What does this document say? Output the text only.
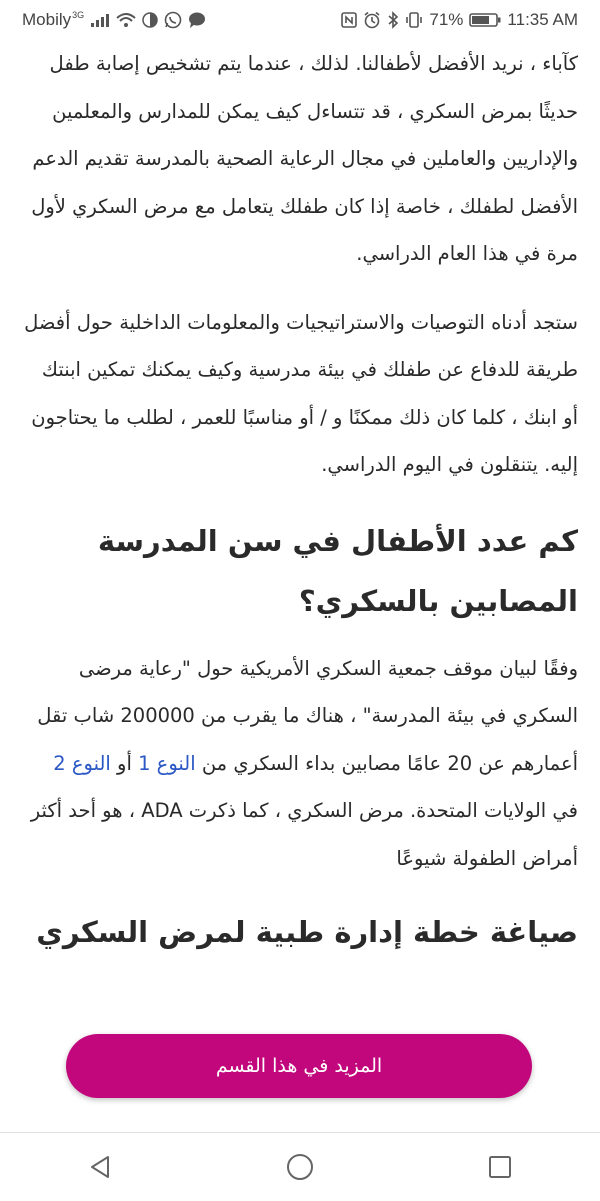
Mobily$^{3G}$	71%	11:35 AM

كآباء ، نريد الأفضل لأطفالنا. لذلك ، عندما يتم تشخيص إصابة طفل حديثًا بمرض السكري ، قد تتساءل كيف يمكن للمدارس والمعلمين والإداريين والعاملين في مجال الرعاية الصحية بالمدرسة تقديم الدعم الأفضل لطفلك ، خاصة إذا كان طفلك يتعامل مع مرض السكري لأول مرة في هذا العام الدراسي.

ستجد أدناه التوصيات والاستراتيجيات والمعلومات الداخلية حول أفضل طريقة للدفاع عن طفلك في بيئة مدرسية وكيف يمكنك تمكين ابنتك أو ابنك ، كلما كان ذلك ممكنًا و / أو مناسبًا للعمر ، لطلب ما يحتاجون إليه. يتنقلون في اليوم الدراسي.

كم عدد الأطفال في سن المدرسة المصابين بالسكري؟

وفقًا لبيان موقف جمعية السكري الأمريكية حول "رعاية مرضى السكري في بيئة المدرسة" ، هناك ما يقرب من 200000 شاب تقل أعمارهم عن 20 عامًا مصابين بداء السكري من النوع 1 أو النوع 2 في الولايات المتحدة. مرض السكري ، كما ذكرت ADA ، هو أحد أكثر أمراض الطفولة شيوعًا

صياغة خطة إدارة طبية لمرض السكري
المزيد في هذا القسم
